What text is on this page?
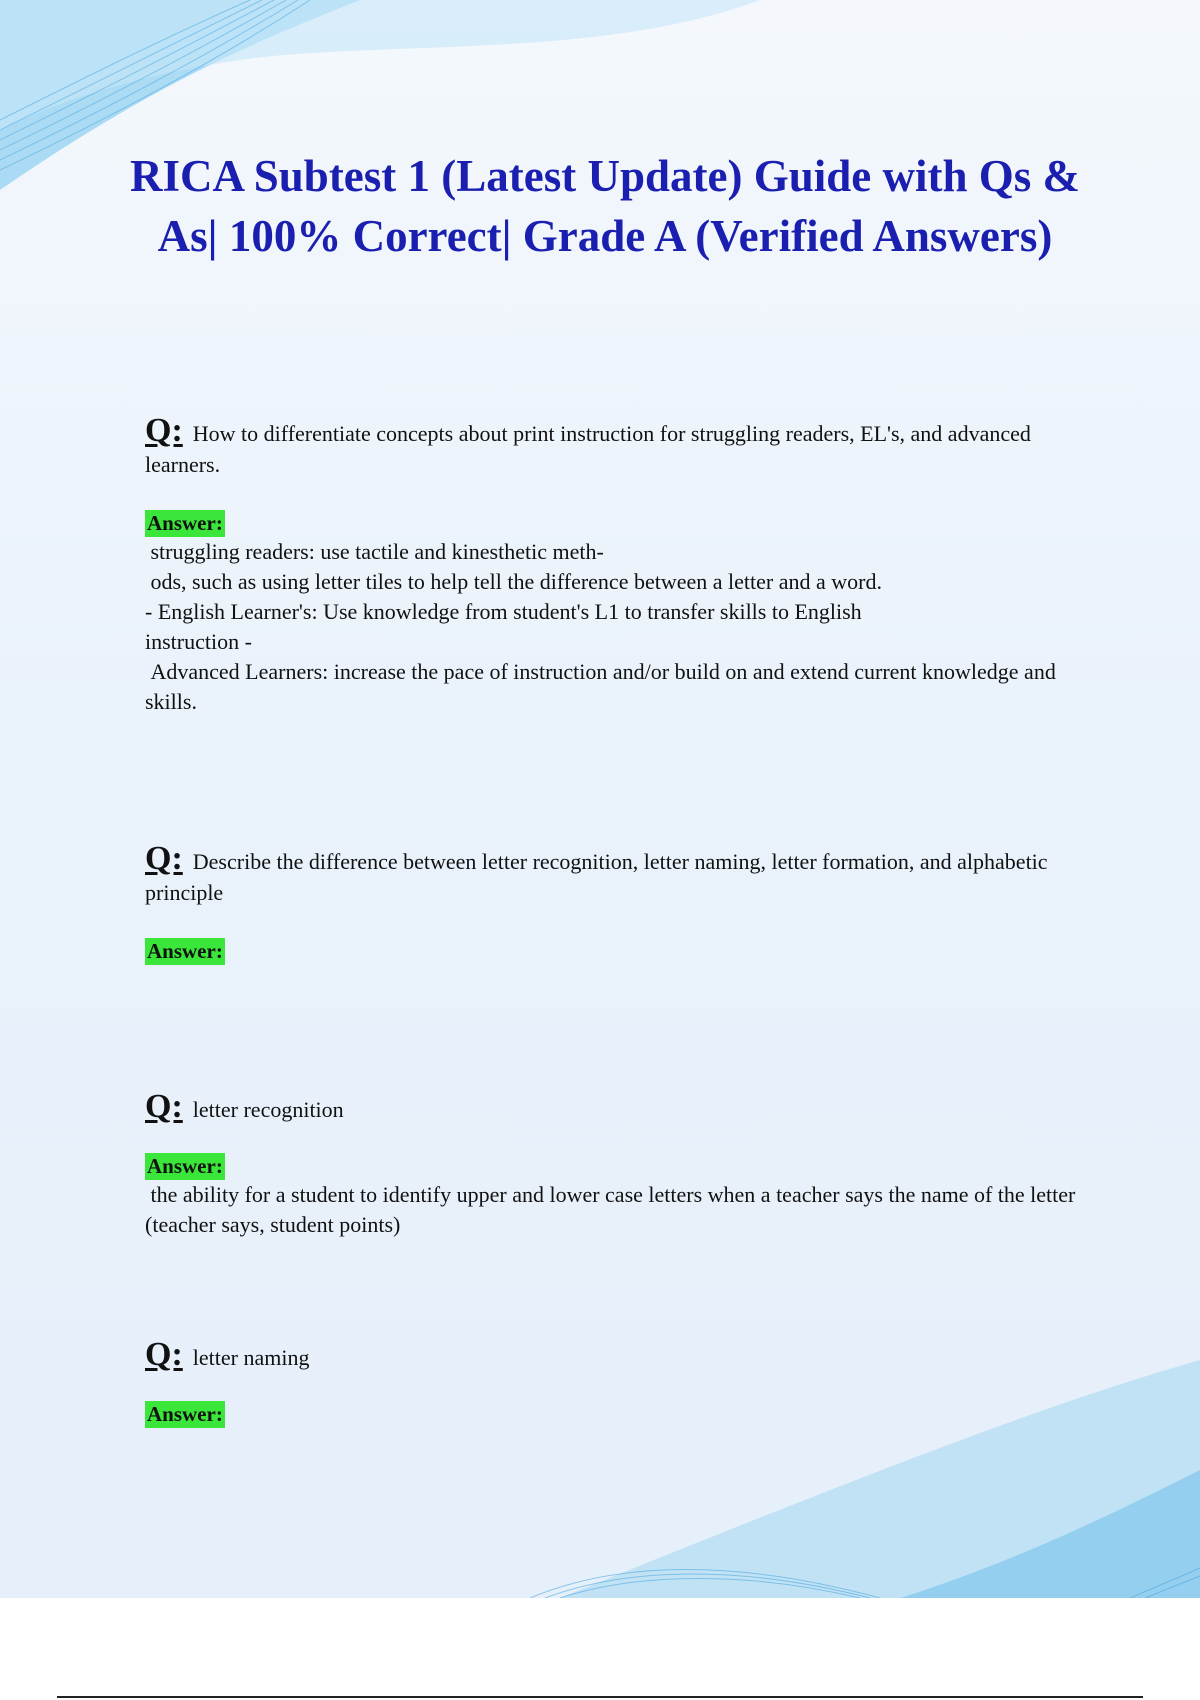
RICA Subtest 1 (Latest Update) Guide with Qs & As| 100% Correct| Grade A (Verified Answers)

Q: How to differentiate concepts about print instruction for struggling readers, EL's, and advanced learners.

Answer:

struggling readers: use tactile and kinesthetic meth-

ods, such as using letter tiles to help tell the difference between a letter and a word.

- English Learner's: Use knowledge from student's L1 to transfer skills to English

instruction -

Advanced Learners: increase the pace of instruction and/or build on and extend current knowledge and skills.

Q: Describe the difference between letter recognition, letter naming, letter formation, and alphabetic principle

Answer:

Q: letter recognition

Answer:

the ability for a student to identify upper and lower case letters when a teacher says the name of the letter (teacher says, student points)

Q: letter naming

Answer:
